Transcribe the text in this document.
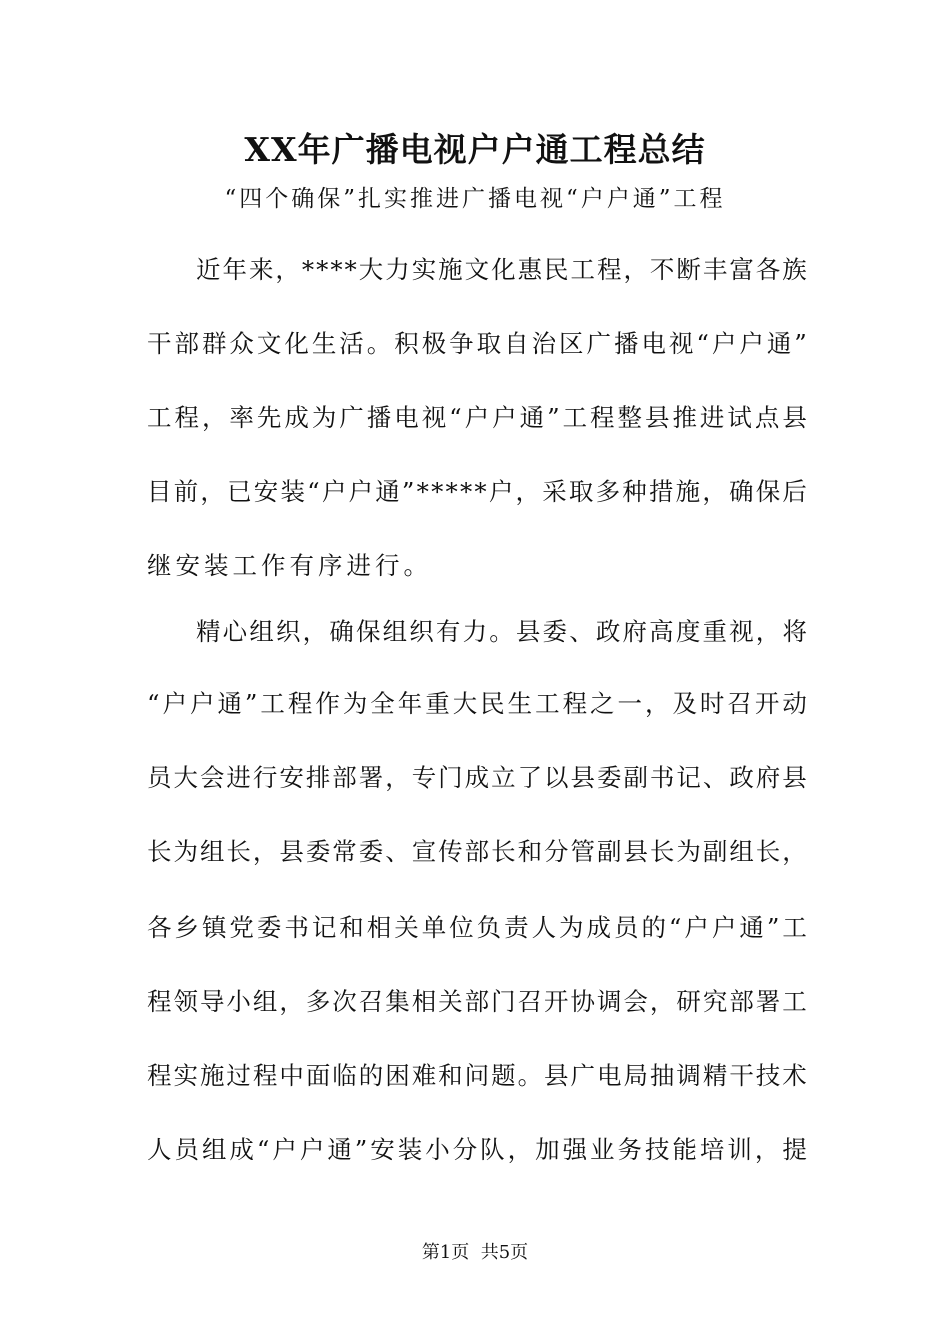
XX年广播电视户户通工程总结

“四个确保”扎实推进广播电视“户户通”工程

近 年 来 ， * * * * 大 力 实 施 文 化 惠 民 工 程 ， 不 断 丰 富 各 族
干 部 群 众 文 化 生 活 。 积 极 争 取 自 治 区 广 播 电 视 “ 户 户 通 ”
工 程 ， 率 先 成 为 广 播 电 视 “ 户 户 通 ” 工 程 整 县 推 进 试 点 县
目 前 ， 已 安 装 “ 户 户 通 ” * * * * * 户 ， 采 取 多 种 措 施 ， 确 保 后
继安装工作有序进行。
精 心 组 织 ， 确 保 组 织 有 力 。 县 委 、 政 府 高 度 重 视 ， 将
“ 户 户 通 ” 工 程 作 为 全 年 重 大 民 生 工 程 之 一 ， 及 时 召 开 动
员 大 会 进 行 安 排 部 署 ， 专 门 成 立 了 以 县 委 副 书 记 、 政 府 县
长 为 组 长 ， 县 委 常 委 、 宣 传 部 长 和 分 管 副 县 长 为 副 组 长 ，
各 乡 镇 党 委 书 记 和 相 关 单 位 负 责 人 为 成 员 的 “ 户 户 通 ” 工
程 领 导 小 组 ， 多 次 召 集 相 关 部 门 召 开 协 调 会 ， 研 究 部 署 工
程 实 施 过 程 中 面 临 的 困 难 和 问 题 。 县 广 电 局 抽 调 精 干 技 术
人 员 组 成 “ 户 户 通 ” 安 装 小 分 队 ， 加 强 业 务 技 能 培 训 ， 提
第1页  共5页
